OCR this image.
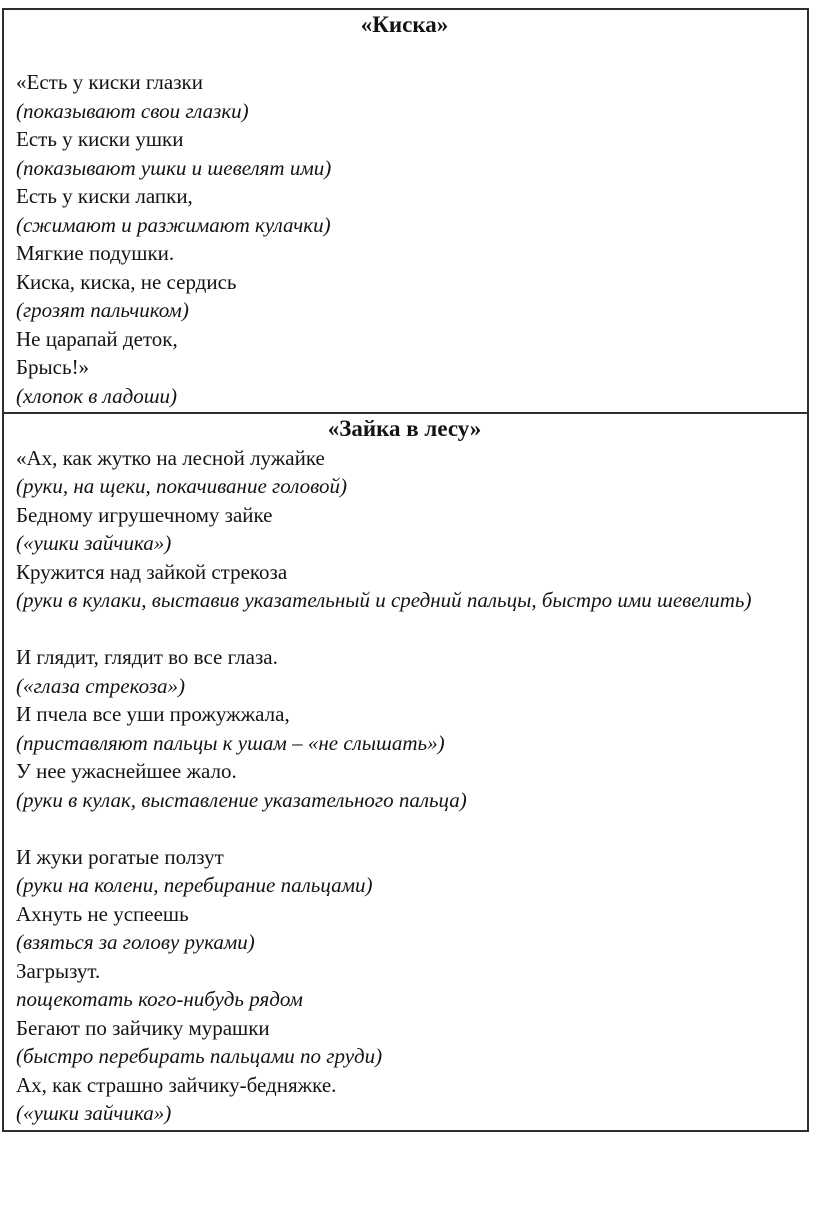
«Киска»

«Есть у киски глазки

(показывают свои глазки)

Есть у киски ушки

(показывают ушки и шевелят ими)

Есть у киски лапки,

(сжимают и разжимают кулачки)

Мягкие подушки.

Киска, киска, не сердись

(грозят пальчиком)

Не царапай деток,

Брысь!»

(хлопок в ладоши)

«Зайка в лесу»

«Ах, как жутко на лесной лужайке

(руки, на щеки, покачивание головой)

Бедному игрушечному зайке

(«ушки зайчика»)

Кружится над зайкой стрекоза

(руки в кулаки, выставив указательный и средний пальцы, быстро ими шевелить)

И глядит, глядит во все глаза.

(«глаза стрекоза»)

И пчела все уши прожужжала,

(приставляют пальцы к ушам – «не слышать»)

У нее ужаснейшее жало.

(руки в кулак, выставление указательного пальца)

И жуки рогатые ползут

(руки на колени, перебирание пальцами)

Ахнуть не успеешь

(взяться за голову руками)

Загрызут.

пощекотать кого-нибудь рядом

Бегают по зайчику мурашки

(быстро перебирать пальцами по груди)

Ах, как страшно зайчику-бедняжке.

(«ушки зайчика»)
